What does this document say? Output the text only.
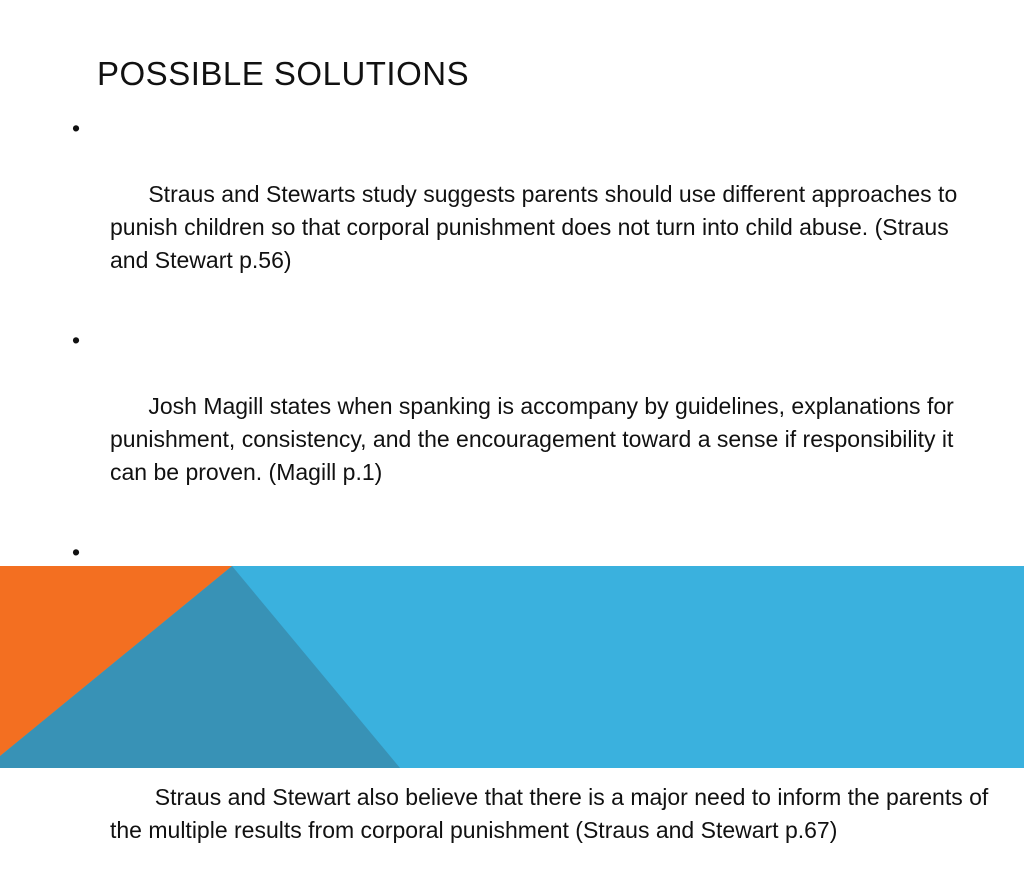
POSSIBLE SOLUTIONS

•

Straus and Stewarts study suggests parents should use different approaches to punish children so that corporal punishment does not turn into child abuse. (Straus and Stewart p.56)

•

Josh Magill states when spanking is accompany by guidelines, explanations for punishment, consistency, and the encouragement toward a sense if responsibility it can be proven. (Magill p.1)

•

Straus and Stewart also believe that there is a major need to inform the parents of the multiple results from corporal punishment (Straus and Stewart p.67)
